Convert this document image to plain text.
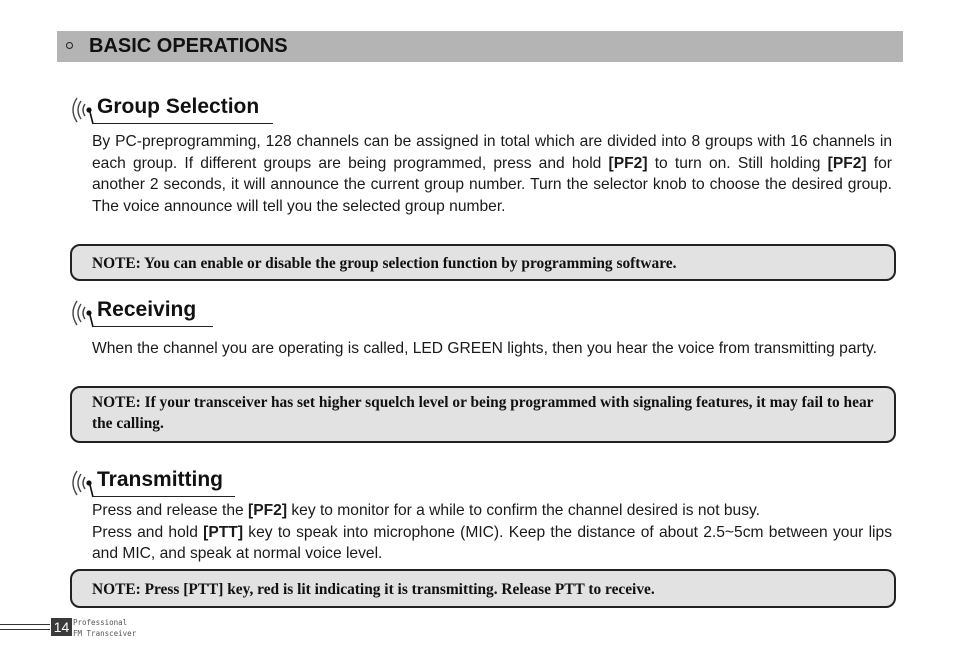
BASIC OPERATIONS
Group Selection
By PC-preprogramming, 128 channels can be assigned in total which are divided into 8 groups with 16 channels in each group. If different groups are being programmed, press and hold [PF2] to turn on. Still holding [PF2] for another 2 seconds, it will announce the current group number. Turn the selector knob to choose the desired group. The voice announce will tell you the selected group number.
NOTE: You can enable or disable the group selection function by programming software.
Receiving
When the channel you are operating is called, LED GREEN lights, then you hear the voice from transmitting party.
NOTE: If your transceiver has set higher squelch level or being programmed with signaling features, it may fail to hear the calling.
Transmitting
Press and release the [PF2] key to monitor for a while to confirm the channel desired is not busy.
Press and hold [PTT] key to speak into microphone (MIC). Keep the distance of about 2.5~5cm between your lips and MIC, and speak at normal voice level.
NOTE: Press [PTT] key, red is lit indicating it is transmitting. Release PTT to receive.
14 Professional
FM Transceiver
